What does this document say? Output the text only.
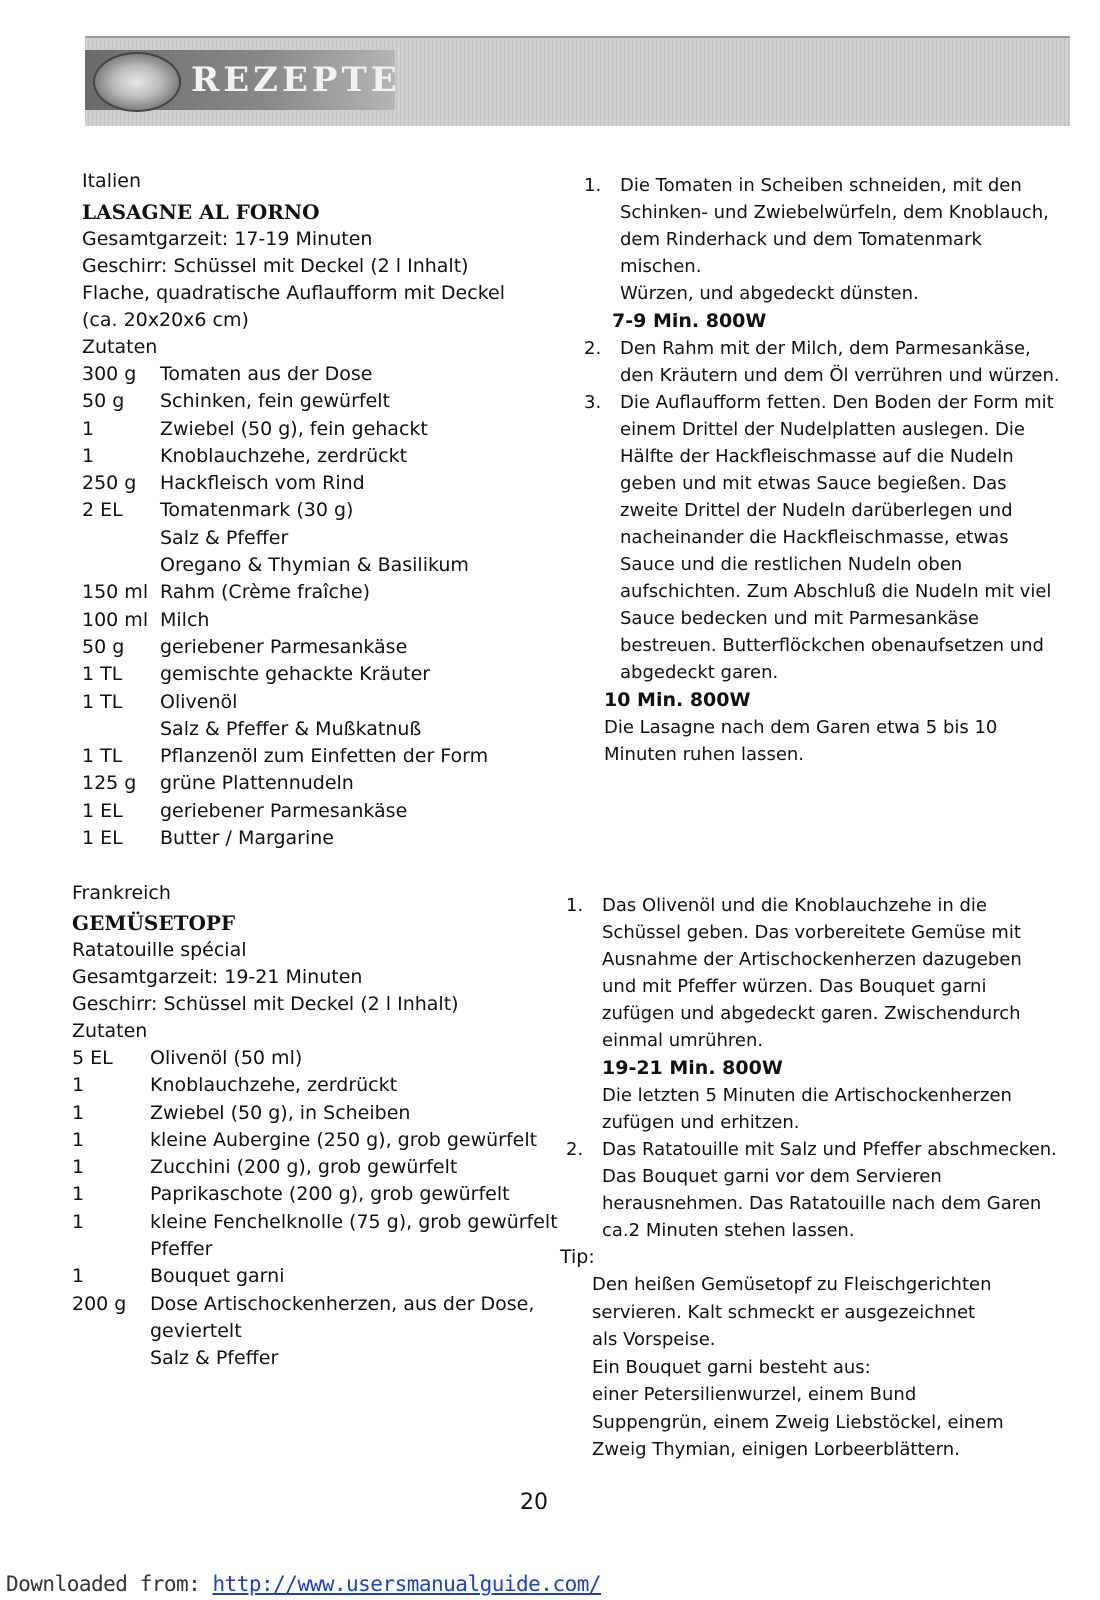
REZEPTE
Italien
LASAGNE AL FORNO
Gesamtgarzeit: 17-19 Minuten
Geschirr: Schüssel mit Deckel (2 l Inhalt)
Flache, quadratische Auflaufform mit Deckel
(ca. 20x20x6 cm)
Zutaten
300 g	Tomaten aus der Dose
50 g	Schinken, fein gewürfelt
1	Zwiebel (50 g), fein gehackt
1	Knoblauchzehe, zerdrückt
250 g	Hackfleisch vom Rind
2 EL	Tomatenmark (30 g)
Salz & Pfeffer
Oregano & Thymian & Basilikum
150 ml Rahm (Crème fraîche)
100 ml Milch
50 g	geriebener Parmesankäse
1 TL	gemischte gehackte Kräuter
1 TL	Olivenöl
Salz & Pfeffer & Mußkatnuß
1 TL	Pflanzenöl zum Einfetten der Form
125 g	grüne Plattennudeln
1 EL	geriebener Parmesankäse
1 EL	Butter / Margarine
1.	Die Tomaten in Scheiben schneiden, mit den
Schinken- und Zwiebelwürfeln, dem Knoblauch,
dem Rinderhack und dem Tomatenmark mischen.
Würzen, und abgedeckt dünsten.
7-9 Min. 800W
2.	Den Rahm mit der Milch, dem Parmesankäse,
den Kräutern und dem Öl verrühren und würzen.
3.	Die Auflaufform fetten. Den Boden der Form mit
einem Drittel der Nudelplatten auslegen. Die
Hälfte der Hackfleischmasse auf die Nudeln
geben und mit etwas Sauce begießen. Das
zweite Drittel der Nudeln darüberlegen und
nacheinander die Hackfleischmasse, etwas
Sauce und die restlichen Nudeln oben
aufschichten. Zum Abschluß die Nudeln mit viel
Sauce bedecken und mit Parmesankäse
bestreuen. Butterflöckchen obenaufsetzen und
abgedeckt garen.
10 Min. 800W
Die Lasagne nach dem Garen etwa 5 bis 10
Minuten ruhen lassen.
Frankreich
GEMÜSETOPF
Ratatouille spécial
Gesamtgarzeit: 19-21 Minuten
Geschirr: Schüssel mit Deckel (2 l Inhalt)
Zutaten
5 EL	Olivenöl (50 ml)
1	Knoblauchzehe, zerdrückt
1	Zwiebel (50 g), in Scheiben
1	kleine Aubergine (250 g), grob gewürfelt
1	Zucchini (200 g), grob gewürfelt
1	Paprikaschote (200 g), grob gewürfelt
1	kleine Fenchelknolle (75 g), grob gewürfelt
Pfeffer
1	Bouquet garni
200 g	Dose Artischockenherzen, aus der Dose,
geviertelt
Salz & Pfeffer
1.	Das Olivenöl und die Knoblauchzehe in die
Schüssel geben. Das vorbereitete Gemüse mit
Ausnahme der Artischockenherzen dazugeben
und mit Pfeffer würzen. Das Bouquet garni
zufügen und abgedeckt garen. Zwischendurch
einmal umrühren.
19-21 Min. 800W
Die letzten 5 Minuten die Artischockenherzen
zufügen und erhitzen.
2.	Das Ratatouille mit Salz und Pfeffer abschmecken.
Das Bouquet garni vor dem Servieren
herausnehmen. Das Ratatouille nach dem Garen
ca.2 Minuten stehen lassen.
Tip:
Den heißen Gemüsetopf zu Fleischgerichten
servieren. Kalt schmeckt er ausgezeichnet
als Vorspeise.
Ein Bouquet garni besteht aus:
einer Petersilienwurzel, einem Bund
Suppengrün, einem Zweig Liebstöckel, einem
Zweig Thymian, einigen Lorbeerblättern.
20
Downloaded from: http://www.usersmanualguide.com/
